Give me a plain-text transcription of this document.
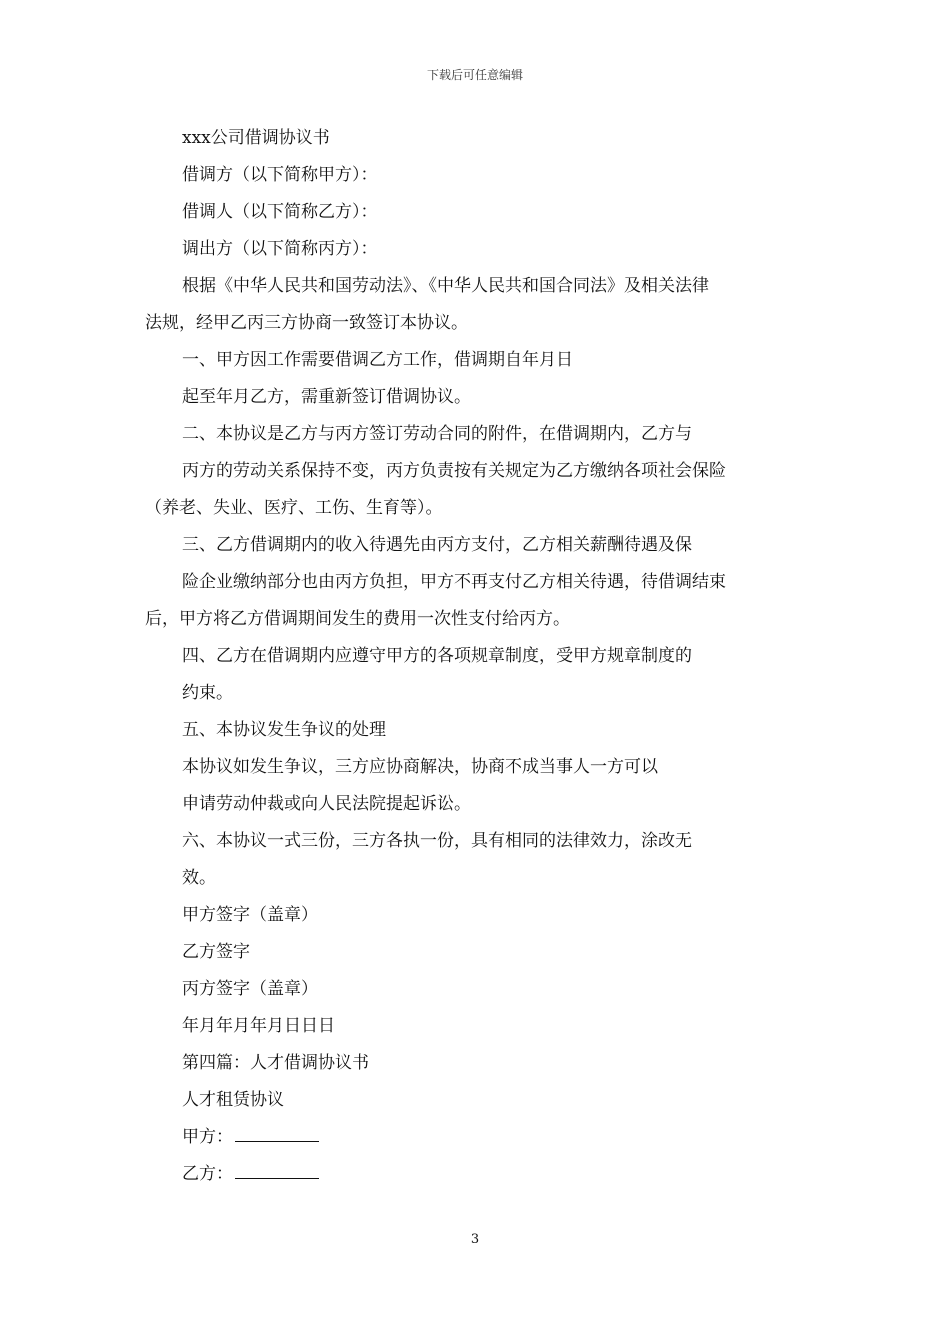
下载后可任意编辑
xxx公司借调协议书
借调方（以下简称甲方）：
借调人（以下简称乙方）：
调出方（以下简称丙方）：
根据《中华人民共和国劳动法》、《中华人民共和国合同法》及相关法律
法规，经甲乙丙三方协商一致签订本协议。
一、甲方因工作需要借调乙方工作，借调期自年月日
起至年月乙方，需重新签订借调协议。
二、本协议是乙方与丙方签订劳动合同的附件，在借调期内，乙方与
丙方的劳动关系保持不变，丙方负责按有关规定为乙方缴纳各项社会保险
（养老、失业、医疗、工伤、生育等）。
三、乙方借调期内的收入待遇先由丙方支付，乙方相关薪酬待遇及保
险企业缴纳部分也由丙方负担，甲方不再支付乙方相关待遇，待借调结束
后，甲方将乙方借调期间发生的费用一次性支付给丙方。
四、乙方在借调期内应遵守甲方的各项规章制度，受甲方规章制度的
约束。
五、本协议发生争议的处理
本协议如发生争议，三方应协商解决，协商不成当事人一方可以
申请劳动仲裁或向人民法院提起诉讼。
六、本协议一式三份，三方各执一份，具有相同的法律效力，涂改无
效。
甲方签字（盖章）
乙方签字
丙方签字（盖章）
年月年月年月日日日
第四篇：人才借调协议书
人才租赁协议
甲方：
乙方：
3
